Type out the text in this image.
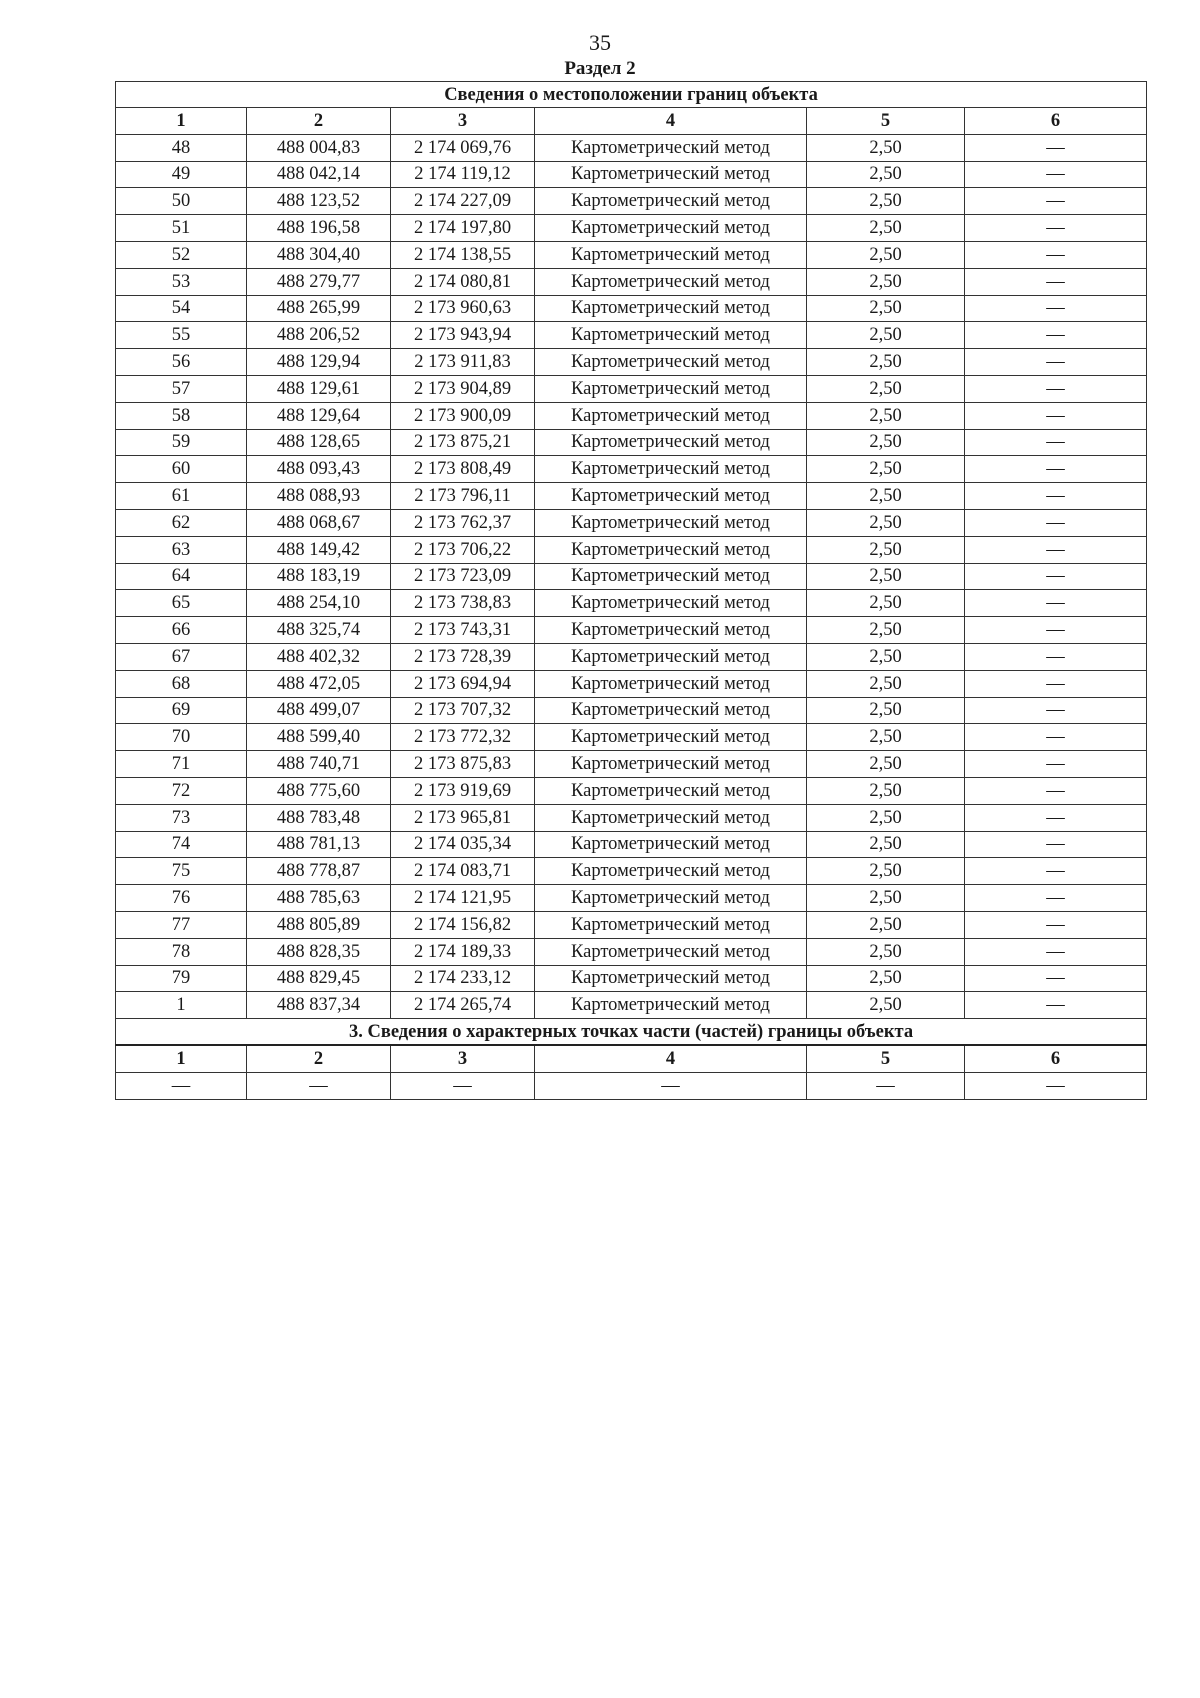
35
Раздел 2
Сведения о местоположении границ объекта					
1	2	3	4	5	6
48	488 004,83	2 174 069,76	Картометрический метод	2,50	—
49	488 042,14	2 174 119,12	Картометрический метод	2,50	—
50	488 123,52	2 174 227,09	Картометрический метод	2,50	—
51	488 196,58	2 174 197,80	Картометрический метод	2,50	—
52	488 304,40	2 174 138,55	Картометрический метод	2,50	—
53	488 279,77	2 174 080,81	Картометрический метод	2,50	—
54	488 265,99	2 173 960,63	Картометрический метод	2,50	—
55	488 206,52	2 173 943,94	Картометрический метод	2,50	—
56	488 129,94	2 173 911,83	Картометрический метод	2,50	—
57	488 129,61	2 173 904,89	Картометрический метод	2,50	—
58	488 129,64	2 173 900,09	Картометрический метод	2,50	—
59	488 128,65	2 173 875,21	Картометрический метод	2,50	—
60	488 093,43	2 173 808,49	Картометрический метод	2,50	—
61	488 088,93	2 173 796,11	Картометрический метод	2,50	—
62	488 068,67	2 173 762,37	Картометрический метод	2,50	—
63	488 149,42	2 173 706,22	Картометрический метод	2,50	—
64	488 183,19	2 173 723,09	Картометрический метод	2,50	—
65	488 254,10	2 173 738,83	Картометрический метод	2,50	—
66	488 325,74	2 173 743,31	Картометрический метод	2,50	—
67	488 402,32	2 173 728,39	Картометрический метод	2,50	—
68	488 472,05	2 173 694,94	Картометрический метод	2,50	—
69	488 499,07	2 173 707,32	Картометрический метод	2,50	—
70	488 599,40	2 173 772,32	Картометрический метод	2,50	—
71	488 740,71	2 173 875,83	Картометрический метод	2,50	—
72	488 775,60	2 173 919,69	Картометрический метод	2,50	—
73	488 783,48	2 173 965,81	Картометрический метод	2,50	—
74	488 781,13	2 174 035,34	Картометрический метод	2,50	—
75	488 778,87	2 174 083,71	Картометрический метод	2,50	—
76	488 785,63	2 174 121,95	Картометрический метод	2,50	—
77	488 805,89	2 174 156,82	Картометрический метод	2,50	—
78	488 828,35	2 174 189,33	Картометрический метод	2,50	—
79	488 829,45	2 174 233,12	Картометрический метод	2,50	—
1	488 837,34	2 174 265,74	Картометрический метод	2,50	—
3. Сведения о характерных точках части (частей) границы объекта					
1	2	3	4	5	6
—	—	—	—	—	—
